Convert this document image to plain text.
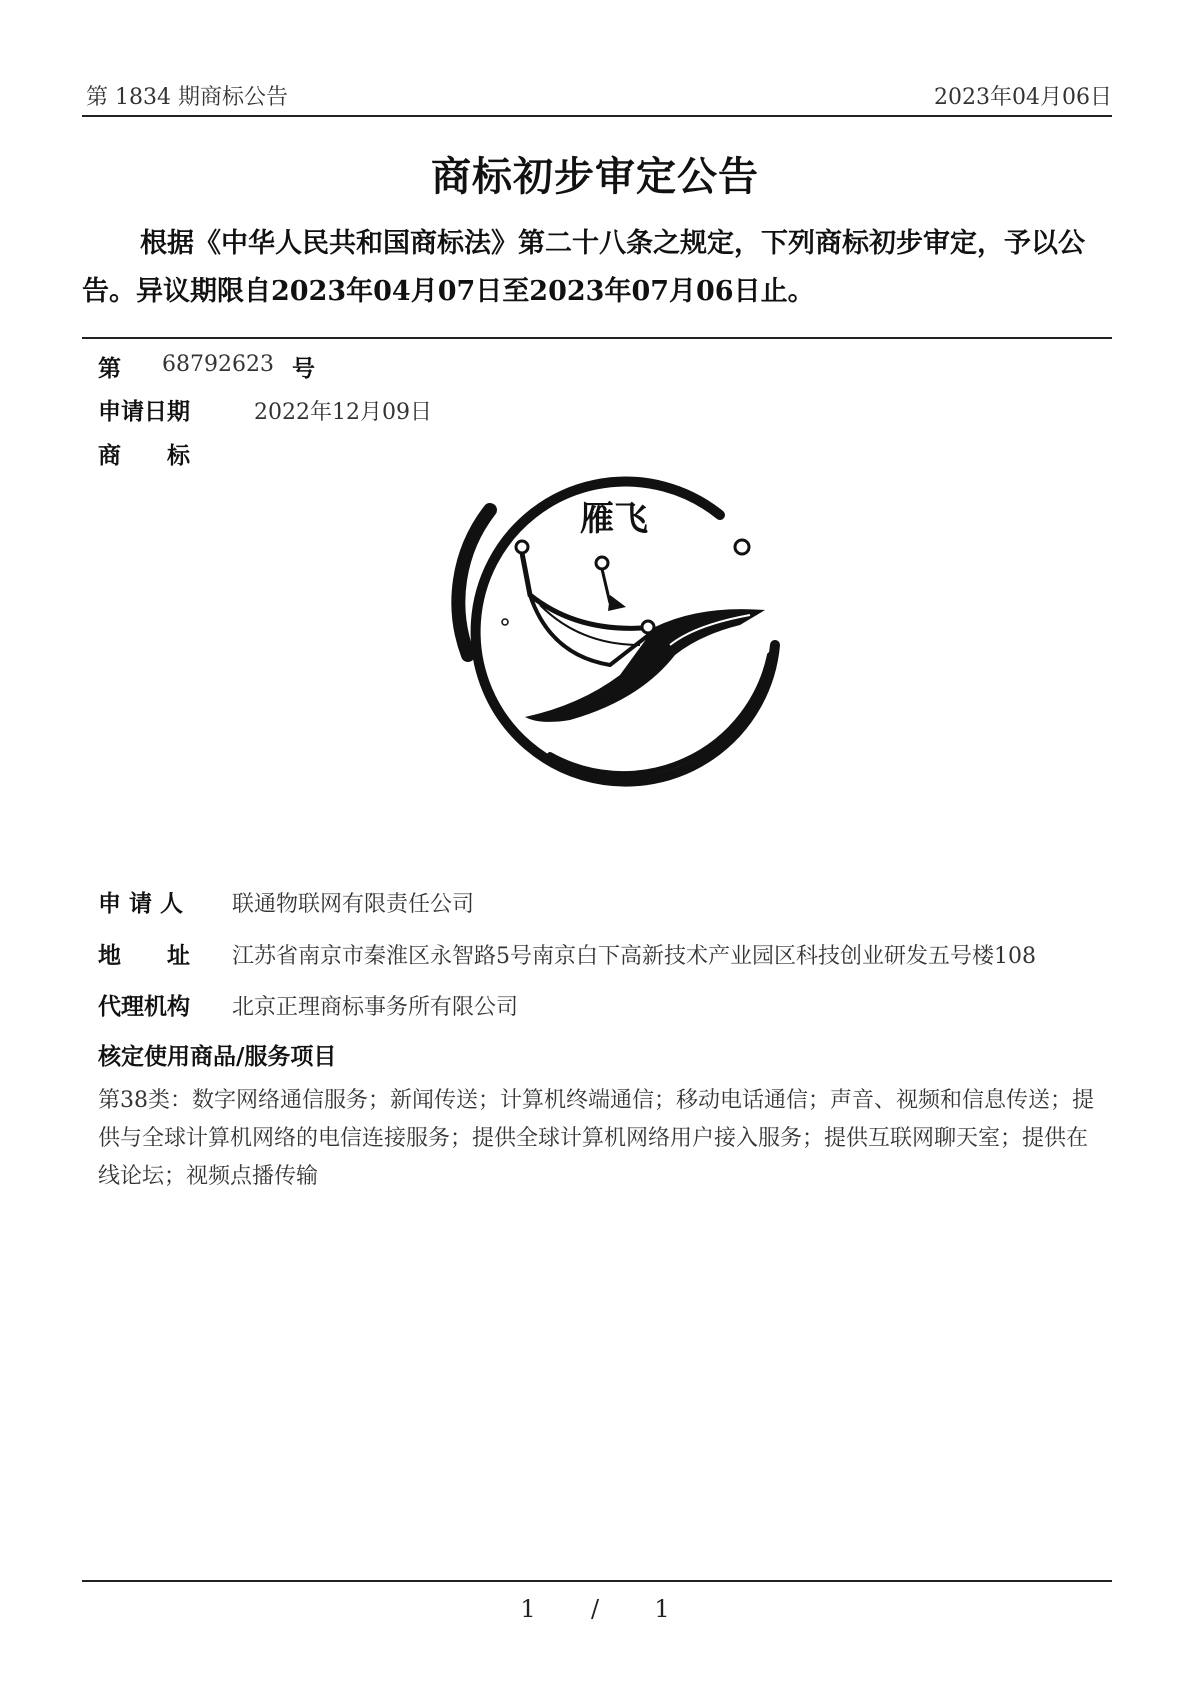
第 1834 期商标公告	2023年04月06日
商标初步审定公告

根据《中华人民共和国商标法》第二十八条之规定，下列商标初步审定，予以公告。异议期限自2023年04月07日至2023年07月06日止。

第 68792623 号
申请日期	2022年12月09日
商　　标
雁飞
申 请 人 联通物联网有限责任公司
地　　址 江苏省南京市秦淮区永智路5号南京白下高新技术产业园区科技创业研发五号楼108
代理机构 北京正理商标事务所有限公司
核定使用商品/服务项目

第38类：数字网络通信服务；新闻传送；计算机终端通信；移动电话通信；声音、视频和信息传送；提供与全球计算机网络的电信连接服务；提供全球计算机网络用户接入服务；提供互联网聊天室；提供在线论坛；视频点播传输

1 / 1
